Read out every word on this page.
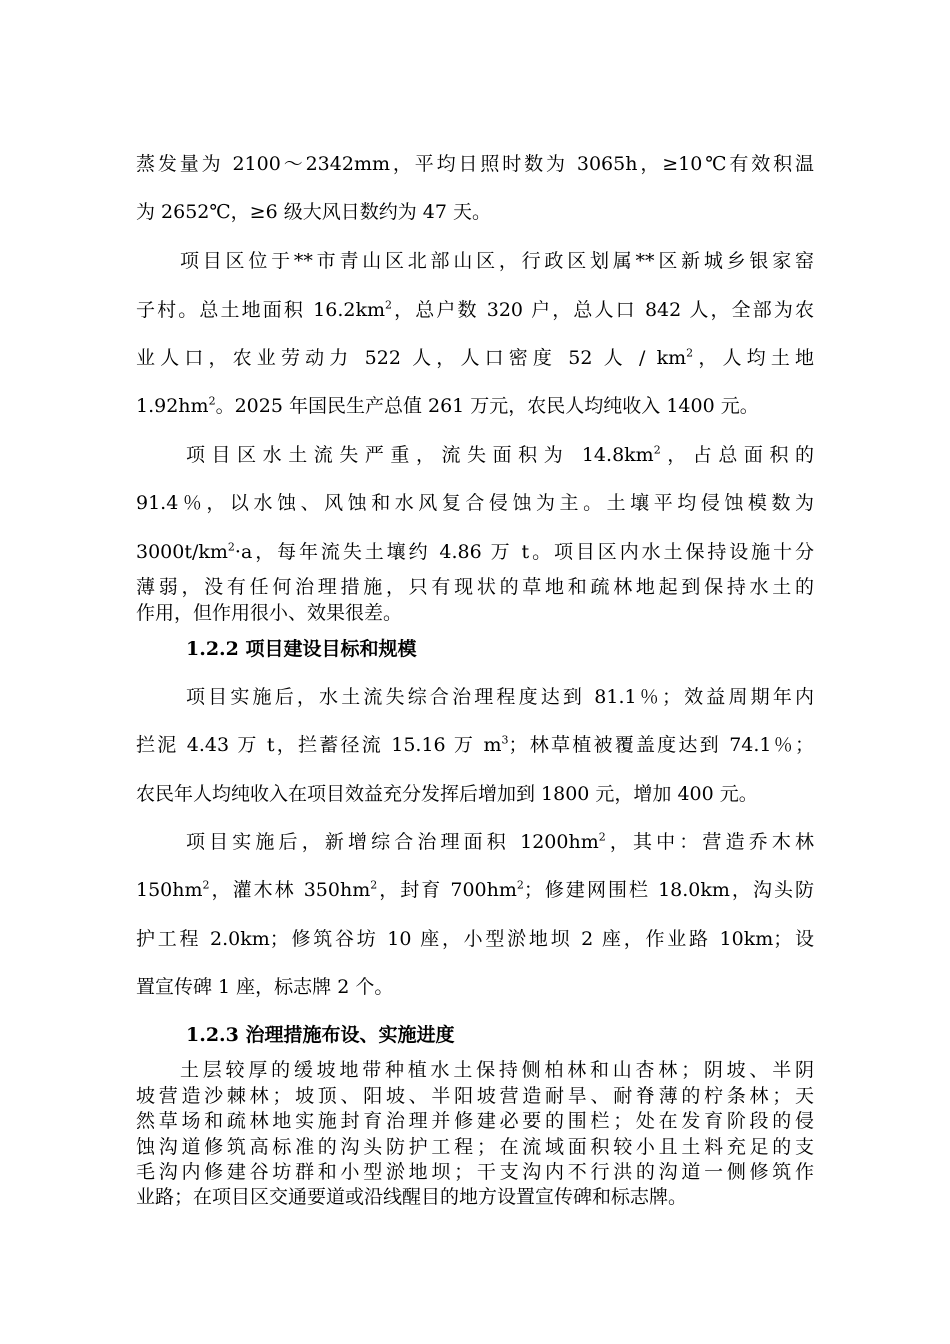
蒸发量为 2100～2342mm，平均日照时数为 3065h，≥10℃有效积温
为 2652℃，≥6 级大风日数约为 47 天。
项目区位于**市青山区北部山区，行政区划属**区新城乡银家窑
子村。总土地面积 $16.2km^2$，总户数 320 户，总人口 842 人，全部为农
业人口，农业劳动力 522 人，人口密度 52 人 / $km^2$，人均土地
$1.92hm^2$。2025 年国民生产总值 261 万元，农民人均纯收入 1400 元。
项目区水土流失严重，流失面积为 $14.8km^2$，占总面积的
91.4％，以水蚀、风蚀和水风复合侵蚀为主。土壤平均侵蚀模数为
$3000t/km^2\cdot a$，每年流失土壤约 4.86 万 t。项目区内水土保持设施十分
薄弱，没有任何治理措施，只有现状的草地和疏林地起到保持水土的
作用，但作用很小、效果很差。
1.2.2 项目建设目标和规模
项目实施后，水土流失综合治理程度达到 81.1％；效益周期年内
拦泥 4.43 万 t，拦蓄径流 15.16 万 $m^3$；林草植被覆盖度达到 74.1％；
农民年人均纯收入在项目效益充分发挥后增加到 1800 元，增加 400 元。
项目实施后，新增综合治理面积 $1200hm^2$，其中：营造乔木林
$150hm^2$，灌木林 $350hm^2$，封育 $700hm^2$；修建网围栏 18.0km，沟头防
护工程 2.0km；修筑谷坊 10 座，小型淤地坝 2 座，作业路 10km；设
置宣传碑 1 座，标志牌 2 个。
1.2.3 治理措施布设、实施进度
土层较厚的缓坡地带种植水土保持侧柏林和山杏林；阴坡、半阴
坡营造沙棘林；坡顶、阳坡、半阳坡营造耐旱、耐脊薄的柠条林；天
然草场和疏林地实施封育治理并修建必要的围栏；处在发育阶段的侵
蚀沟道修筑高标准的沟头防护工程；在流域面积较小且土料充足的支
毛沟内修建谷坊群和小型淤地坝；干支沟内不行洪的沟道一侧修筑作
业路；在项目区交通要道或沿线醒目的地方设置宣传碑和标志牌。
